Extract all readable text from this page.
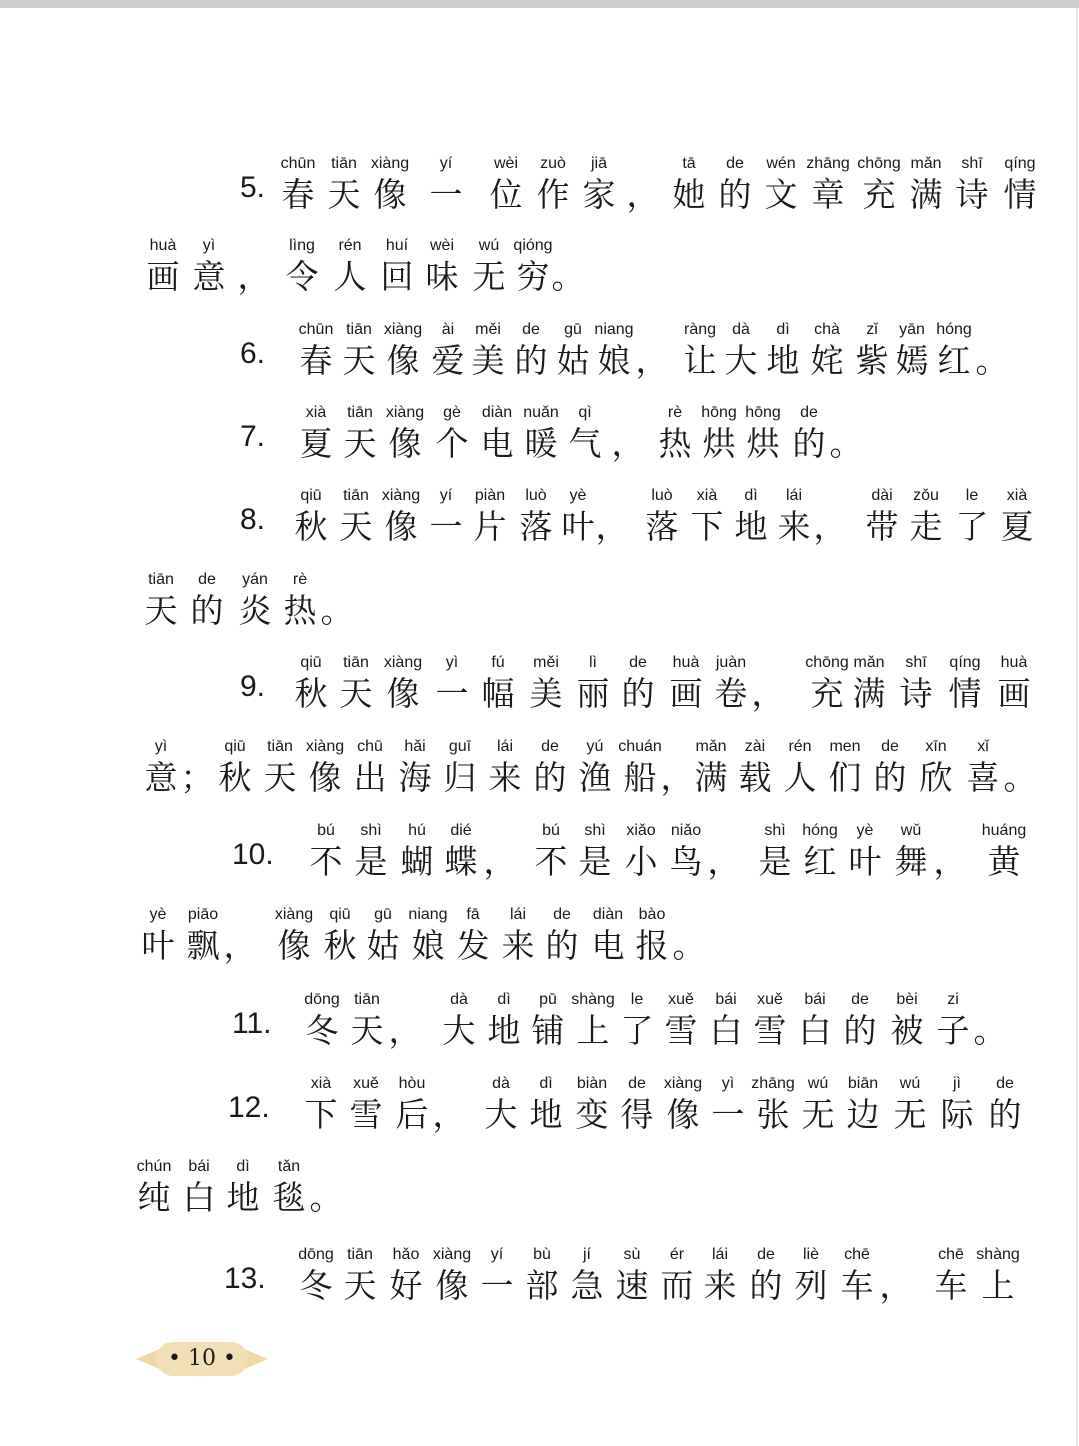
5.
chūn
春
tiān
天
xiàng
像
yí
一
wèi
位
zuò
作
jiā
家 ，
tā
她
de
的
wén
文
zhāng
章
chōng
充
mǎn
满
shī
诗
qíng
情
huà
画
yì
意 ，
lìng
令
rén
人
huí
回
wèi
味
wú
无
qióng
穷 。
6.
chūn
春
tiān
天
xiàng
像
ài
爱
měi
美
de
的
gū
姑
niang
娘 ，
ràng
让
dà
大
dì
地
chà
姹
zǐ
紫
yān
嫣
hóng
红 。
7.
xià
夏
tiān
天
xiàng
像
gè
个
diàn
电
nuǎn
暖
qì
气 ，
rè
热
hōng
烘
hōng
烘
de
的 。
8.
qiū
秋
tiān
天
xiàng
像
yí
一
piàn
片
luò
落
yè
叶 ，
luò
落
xià
下
dì
地
lái
来 ，
dài
带
zǒu
走
le
了
xià
夏
tiān
天
de
的
yán
炎
rè
热 。
9.
qiū
秋
tiān
天
xiàng
像
yì
一
fú
幅
měi
美
lì
丽
de
的
huà
画
juàn
卷 ，
chōng
充
mǎn
满
shī
诗
qíng
情
huà
画
yì
意 ；
qiū
秋
tiān
天
xiàng
像
chū
出
hǎi
海
guī
归
lái
来
de
的
yú
渔
chuán
船 ，
mǎn
满
zài
载
rén
人
men
们
de
的
xīn
欣
xǐ
喜 。
10.
bú
不
shì
是
hú
蝴
dié
蝶 ，
bú
不
shì
是
xiǎo
小
niǎo
鸟 ，
shì
是
hóng
红
yè
叶
wǔ
舞 ，
huáng
黄
yè
叶
piāo
飘 ，
xiàng
像
qiū
秋
gū
姑
niang
娘
fā
发
lái
来
de
的
diàn
电
bào
报 。
11.
dōng
冬
tiān
天 ，
dà
大
dì
地
pū
铺
shàng
上
le
了
xuě
雪
bái
白
xuě
雪
bái
白
de
的
bèi
被
zi
子 。
12.
xià
下
xuě
雪
hòu
后 ，
dà
大
dì
地
biàn
变
de
得
xiàng
像
yì
一
zhāng
张
wú
无
biān
边
wú
无
jì
际
de
的
chún
纯
bái
白
dì
地
tǎn
毯 。
13.
dōng
冬
tiān
天
hǎo
好
xiàng
像
yí
一
bù
部
jí
急
sù
速
ér
而
lái
来
de
的
liè
列
chē
车 ，
chē
车
shàng
上
• 10 •
